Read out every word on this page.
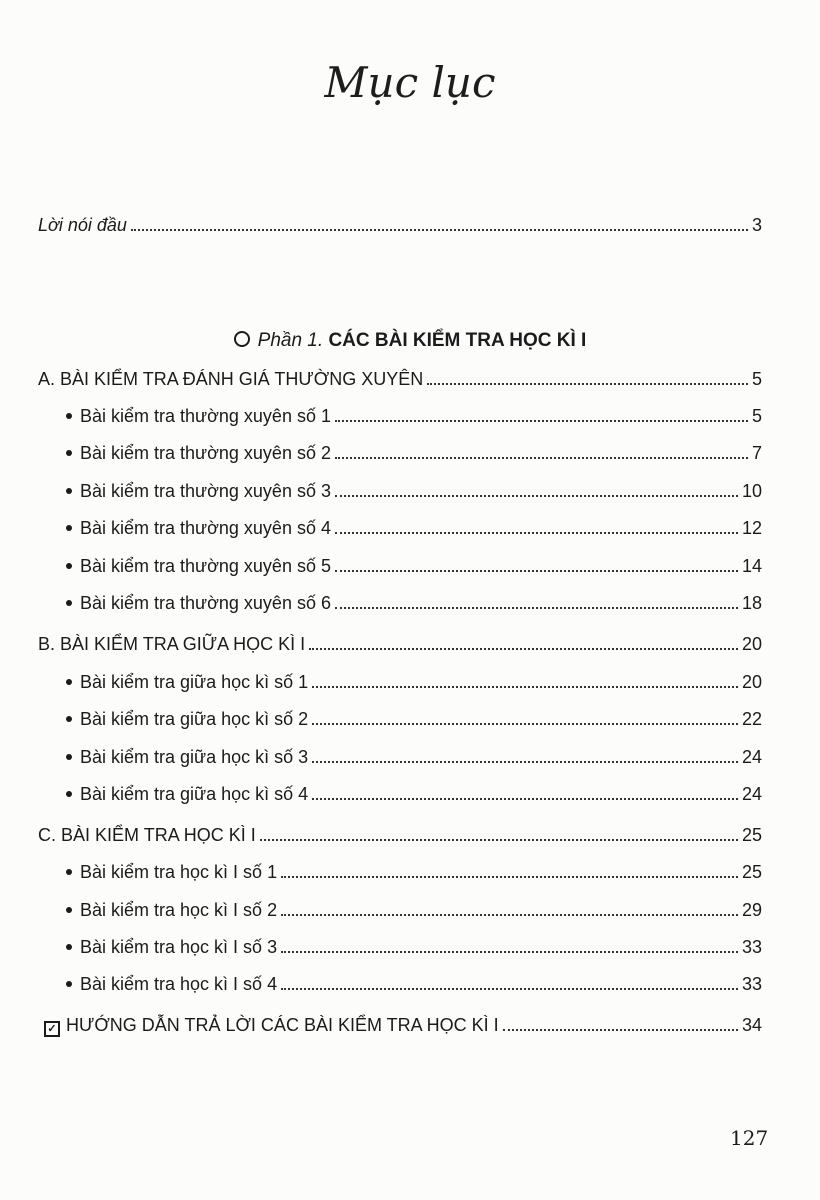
Mục lục
Lời nói đầu	3
Phần 1. CÁC BÀI KIỂM TRA HỌC KÌ I
A. BÀI KIỂM TRA ĐÁNH GIÁ THƯỜNG XUYÊN	5
Bài kiểm tra thường xuyên số 1	5
Bài kiểm tra thường xuyên số 2	7
Bài kiểm tra thường xuyên số 3	10
Bài kiểm tra thường xuyên số 4	12
Bài kiểm tra thường xuyên số 5	14
Bài kiểm tra thường xuyên số 6	18
B. BÀI KIỂM TRA GIỮA HỌC KÌ I	20
Bài kiểm tra giữa học kì số 1	20
Bài kiểm tra giữa học kì số 2	22
Bài kiểm tra giữa học kì số 3	24
Bài kiểm tra giữa học kì số 4	24
C. BÀI KIỂM TRA HỌC KÌ I	25
Bài kiểm tra học kì I số 1	25
Bài kiểm tra học kì I số 2	29
Bài kiểm tra học kì I số 3	33
Bài kiểm tra học kì I số 4	33
✓ HƯỚNG DẪN TRẢ LỜI CÁC BÀI KIỂM TRA HỌC KÌ I	34
127
